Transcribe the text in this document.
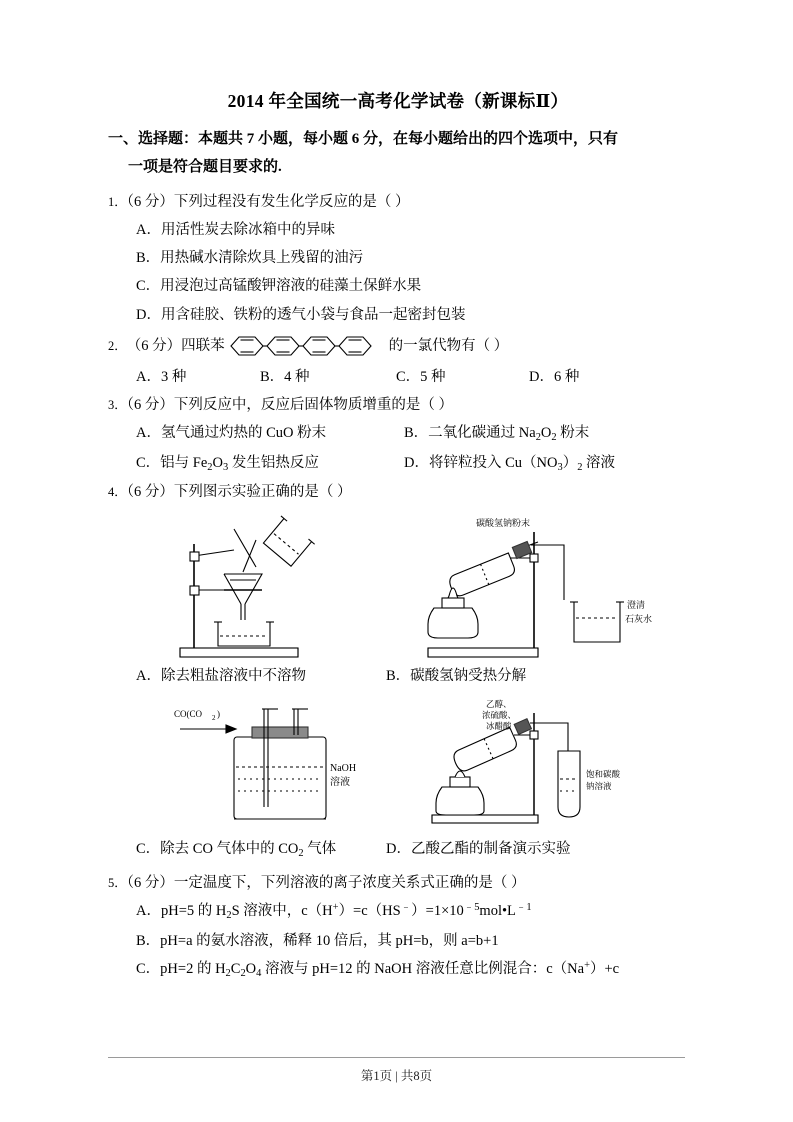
2014 年全国统一高考化学试卷（新课标Ⅱ）
一、选择题：本题共 7 小题，每小题 6 分，在每小题给出的四个选项中，只有
一项是符合题目要求的.
1．（6 分）下列过程没有发生化学反应的是（ ）
A．用活性炭去除冰箱中的异味
B．用热碱水清除炊具上残留的油污
C．用浸泡过高锰酸钾溶液的硅藻土保鲜水果
D．用含硅胶、铁粉的透气小袋与食品一起密封包装
2． （6 分） 四联苯	的一氯代物有（ ）
A．3 种	B．4 种	C．5 种	D．6 种
3．（6 分）下列反应中，反应后固体物质增重的是（ ）
A．氢气通过灼热的 CuO 粉末	B．二氧化碳通过 $Na_2O_2$ 粉末
C．铝与 $Fe_2O_3$ 发生铝热反应	D．将锌粒投入 $Cu(NO_3)_2$ 溶液
4．（6 分）下列图示实验正确的是（ ）
碳酸氢钠粉末
澄清
石灰水
A．除去粗盐溶液中不溶物	B．碳酸氢钠受热分解
CO(CO 2 )
NaOH
溶液
乙醇、
浓硫酸、
冰醋酸
饱和碳酸
钠溶液
C．除去 CO 气体中的 $CO_2$ 气体	D．乙酸乙酯的制备演示实验
5．（6 分）一定温度下，下列溶液的离子浓度关系式正确的是（ ）
A．pH=5 的 $H_2S$ 溶液中，$c(H^+)=c(HS^﹣)=1\times 10^{﹣5}mol•L^{﹣1}$
B．pH=a 的氨水溶液，稀释 10 倍后，其 pH=b，则 a=b+1
C．pH=2 的 $H_2C_2O_4$ 溶液与 pH=12 的 NaOH 溶液任意比例混合：c（Na+）+c
第1页 | 共8页
